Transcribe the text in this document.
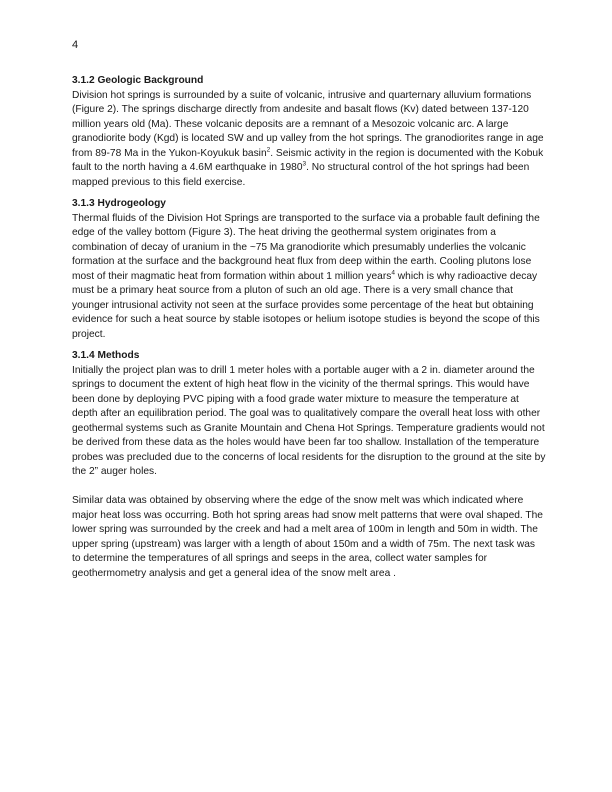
4
3.1.2 Geologic Background

Division hot springs is surrounded by a suite of volcanic, intrusive and quarternary alluvium formations (Figure 2). The springs discharge directly from andesite and basalt flows (Kv) dated between 137-120 million years old (Ma). These volcanic deposits are a remnant of a Mesozoic volcanic arc. A large granodiorite body (Kgd) is located SW and up valley from the hot springs. The granodiorites range in age from 89-78 Ma in the Yukon-Koyukuk basin$^2$. Seismic activity in the region is documented with the Kobuk fault to the north having a 4.6M earthquake in 1980$^3$. No structural control of the hot springs had been mapped previous to this field exercise.

3.1.3 Hydrogeology

Thermal fluids of the Division Hot Springs are transported to the surface via a probable fault defining the edge of the valley bottom (Figure 3). The heat driving the geothermal system originates from a combination of decay of uranium in the ~75 Ma granodiorite which presumably underlies the volcanic formation at the surface and the background heat flux from deep within the earth. Cooling plutons lose most of their magmatic heat from formation within about 1 million years$^4$ which is why radioactive decay must be a primary heat source from a pluton of such an old age. There is a very small chance that younger intrusional activity not seen at the surface provides some percentage of the heat but obtaining evidence for such a heat source by stable isotopes or helium isotope studies is beyond the scope of this project.

3.1.4 Methods

Initially the project plan was to drill 1 meter holes with a portable auger with a 2 in. diameter around the springs to document the extent of high heat flow in the vicinity of the thermal springs. This would have been done by deploying PVC piping with a food grade water mixture to measure the temperature at depth after an equilibration period. The goal was to qualitatively compare the overall heat loss with other geothermal systems such as Granite Mountain and Chena Hot Springs. Temperature gradients would not be derived from these data as the holes would have been far too shallow. Installation of the temperature probes was precluded due to the concerns of local residents for the disruption to the ground at the site by the 2” auger holes.

Similar data was obtained by observing where the edge of the snow melt was which indicated where major heat loss was occurring. Both hot spring areas had snow melt patterns that were oval shaped. The lower spring was surrounded by the creek and had a melt area of 100m in length and 50m in width. The upper spring (upstream) was larger with a length of about 150m and a width of 75m. The next task was to determine the temperatures of all springs and seeps in the area, collect water samples for geothermometry analysis and get a general idea of the snow melt area .
